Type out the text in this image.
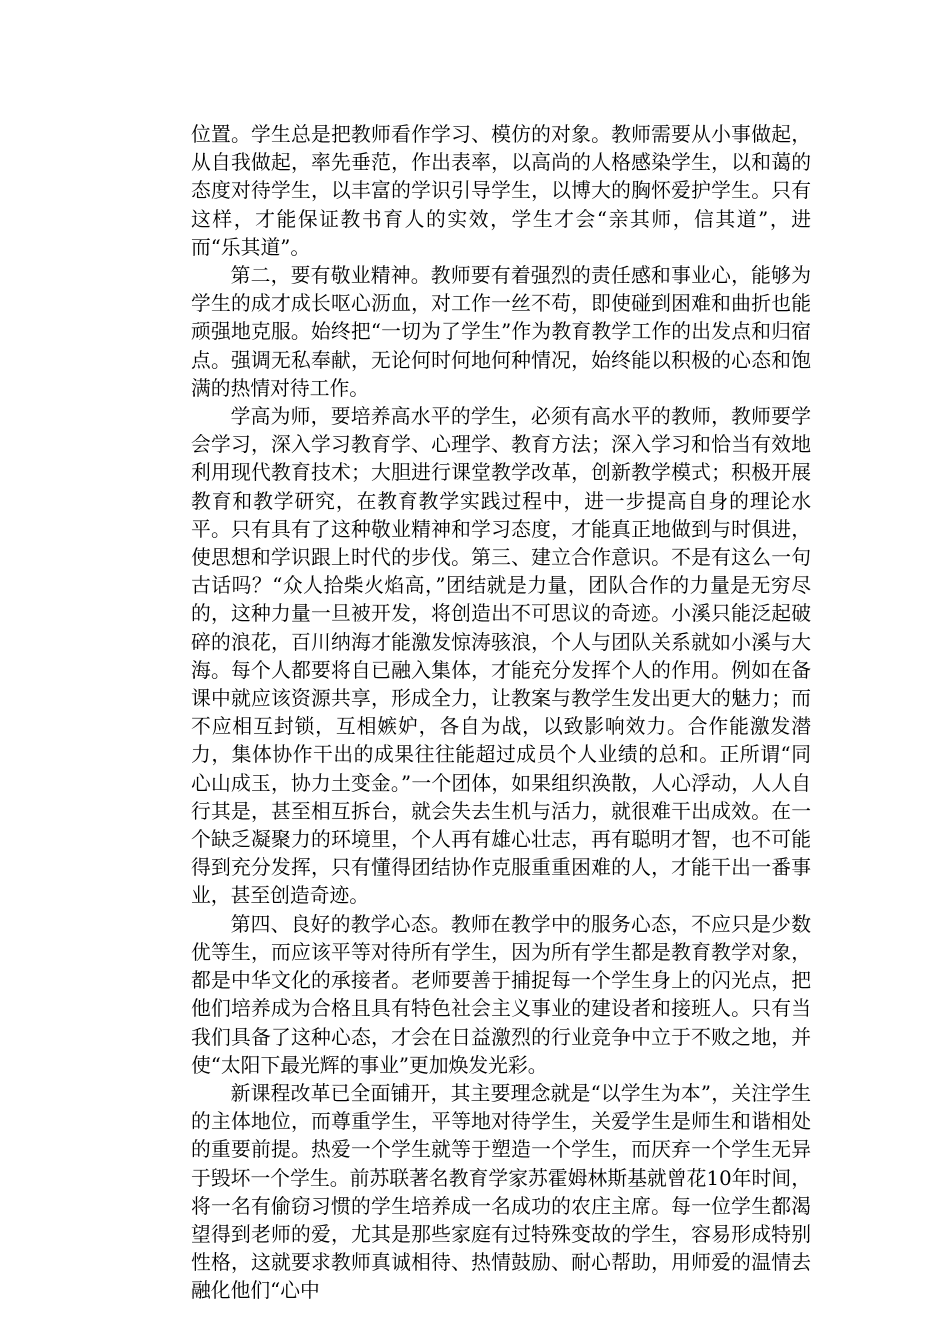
位置。学生总是把教师看作学习、模仿的对象。教师需要从小事做起，从自我做起，率先垂范，作出表率，以高尚的人格感染学生，以和蔼的态度对待学生，以丰富的学识引导学生，以博大的胸怀爱护学生。只有这样，才能保证教书育人的实效，学生才会“亲其师，信其道”，进而“乐其道”。

第二，要有敬业精神。教师要有着强烈的责任感和事业心，能够为学生的成才成长呕心沥血，对工作一丝不苟，即使碰到困难和曲折也能顽强地克服。始终把“一切为了学生”作为教育教学工作的出发点和归宿点。强调无私奉献，无论何时何地何种情况，始终能以积极的心态和饱满的热情对待工作。

学高为师，要培养高水平的学生，必须有高水平的教师，教师要学会学习，深入学习教育学、心理学、教育方法；深入学习和恰当有效地利用现代教育技术；大胆进行课堂教学改革，创新教学模式；积极开展教育和教学研究，在教育教学实践过程中，进一步提高自身的理论水平。只有具有了这种敬业精神和学习态度，才能真正地做到与时俱进，使思想和学识跟上时代的步伐。第三、建立合作意识。不是有这么一句古话吗？“众人拾柴火焰高，”团结就是力量，团队合作的力量是无穷尽的，这种力量一旦被开发，将创造出不可思议的奇迹。小溪只能泛起破碎的浪花，百川纳海才能激发惊涛骇浪，个人与团队关系就如小溪与大海。每个人都要将自已融入集体，才能充分发挥个人的作用。例如在备课中就应该资源共享，形成全力，让教案与教学生发出更大的魅力；而不应相互封锁，互相嫉妒，各自为战，以致影响效力。合作能激发潜力，集体协作干出的成果往往能超过成员个人业绩的总和。正所谓“同心山成玉，协力土变金。”一个团体，如果组织涣散，人心浮动，人人自行其是，甚至相互拆台，就会失去生机与活力，就很难干出成效。在一个缺乏凝聚力的环境里，个人再有雄心壮志，再有聪明才智，也不可能得到充分发挥，只有懂得团结协作克服重重困难的人，才能干出一番事业，甚至创造奇迹。

第四、良好的教学心态。教师在教学中的服务心态，不应只是少数优等生，而应该平等对待所有学生，因为所有学生都是教育教学对象，都是中华文化的承接者。老师要善于捕捉每一个学生身上的闪光点，把他们培养成为合格且具有特色社会主义事业的建设者和接班人。只有当我们具备了这种心态，才会在日益激烈的行业竞争中立于不败之地，并使“太阳下最光辉的事业”更加焕发光彩。

新课程改革已全面铺开，其主要理念就是“以学生为本”，关注学生的主体地位，而尊重学生，平等地对待学生，关爱学生是师生和谐相处的重要前提。热爱一个学生就等于塑造一个学生，而厌弃一个学生无异于毁坏一个学生。前苏联著名教育学家苏霍姆林斯基就曾花10年时间，将一名有偷窃习惯的学生培养成一名成功的农庄主席。每一位学生都渴望得到老师的爱，尤其是那些家庭有过特殊变故的学生，容易形成特别性格，这就要求教师真诚相待、热情鼓励、耐心帮助，用师爱的温情去融化他们“心中
